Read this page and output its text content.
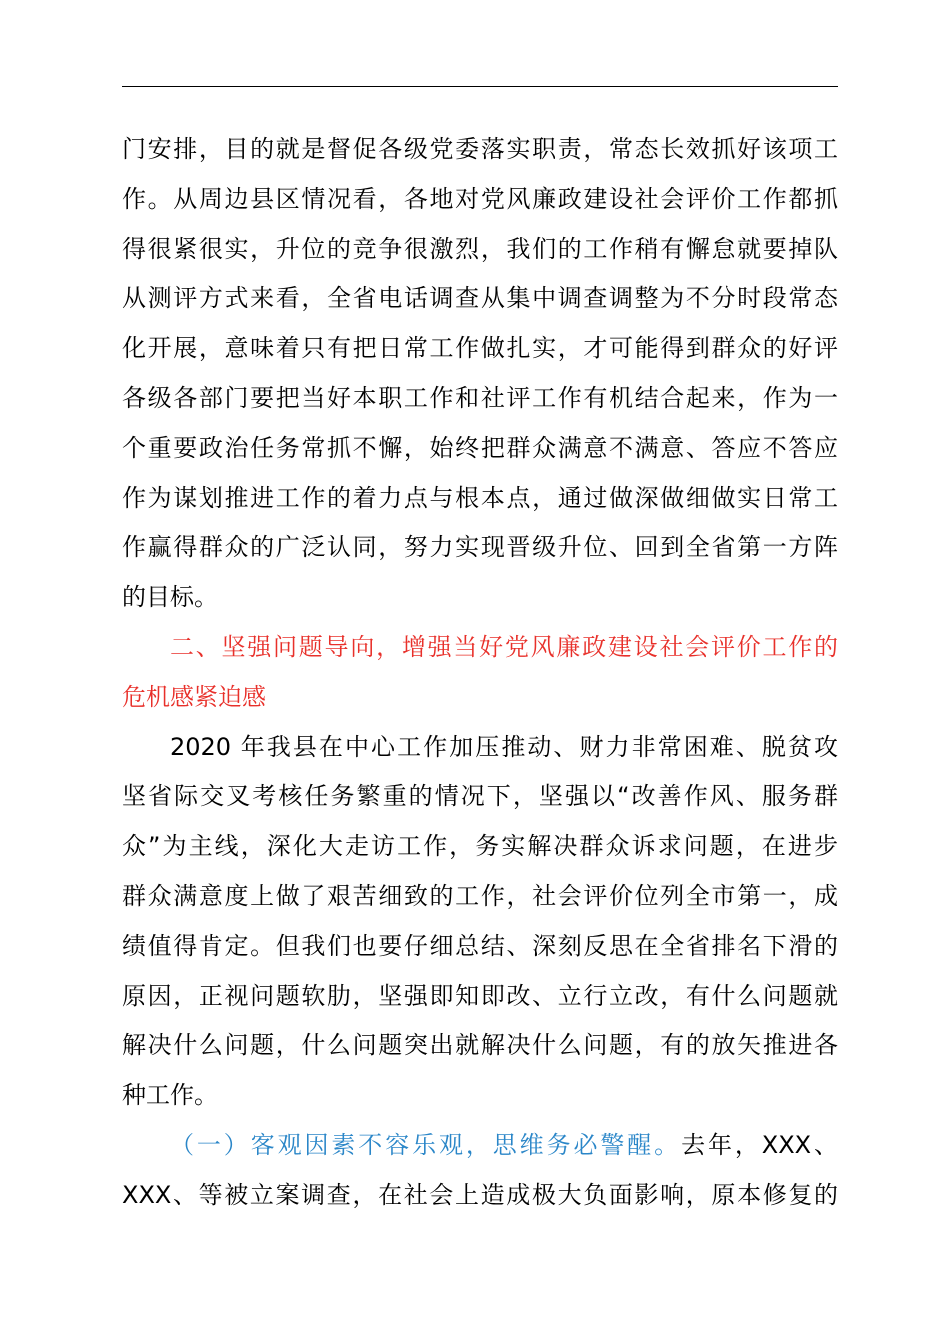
门安排，目的就是督促各级党委落实职责，常态长效抓好该项工
作。从周边县区情况看，各地对党风廉政建设社会评价工作都抓
得很紧很实，升位的竞争很激烈，我们的工作稍有懈怠就要掉队
从测评方式来看，全省电话调查从集中调查调整为不分时段常态
化开展，意味着只有把日常工作做扎实，才可能得到群众的好评
各级各部门要把当好本职工作和社评工作有机结合起来，作为一
个重要政治任务常抓不懈，始终把群众满意不满意、答应不答应
作为谋划推进工作的着力点与根本点，通过做深做细做实日常工
作赢得群众的广泛认同，努力实现晋级升位、回到全省第一方阵
的目标。
二、坚强问题导向，增强当好党风廉政建设社会评价工作的
危机感紧迫感
2020 年我县在中心工作加压推动、财力非常困难、脱贫攻
坚省际交叉考核任务繁重的情况下，坚强以“改善作风、服务群
众”为主线，深化大走访工作，务实解决群众诉求问题，在进步
群众满意度上做了艰苦细致的工作，社会评价位列全市第一，成
绩值得肯定。但我们也要仔细总结、深刻反思在全省排名下滑的
原因，正视问题软肋，坚强即知即改、立行立改，有什么问题就
解决什么问题，什么问题突出就解决什么问题，有的放矢推进各
种工作。
（一）客观因素不容乐观，思维务必警醒。去年，XXX、
XXX、等被立案调查，在社会上造成极大负面影响，原本修复的
